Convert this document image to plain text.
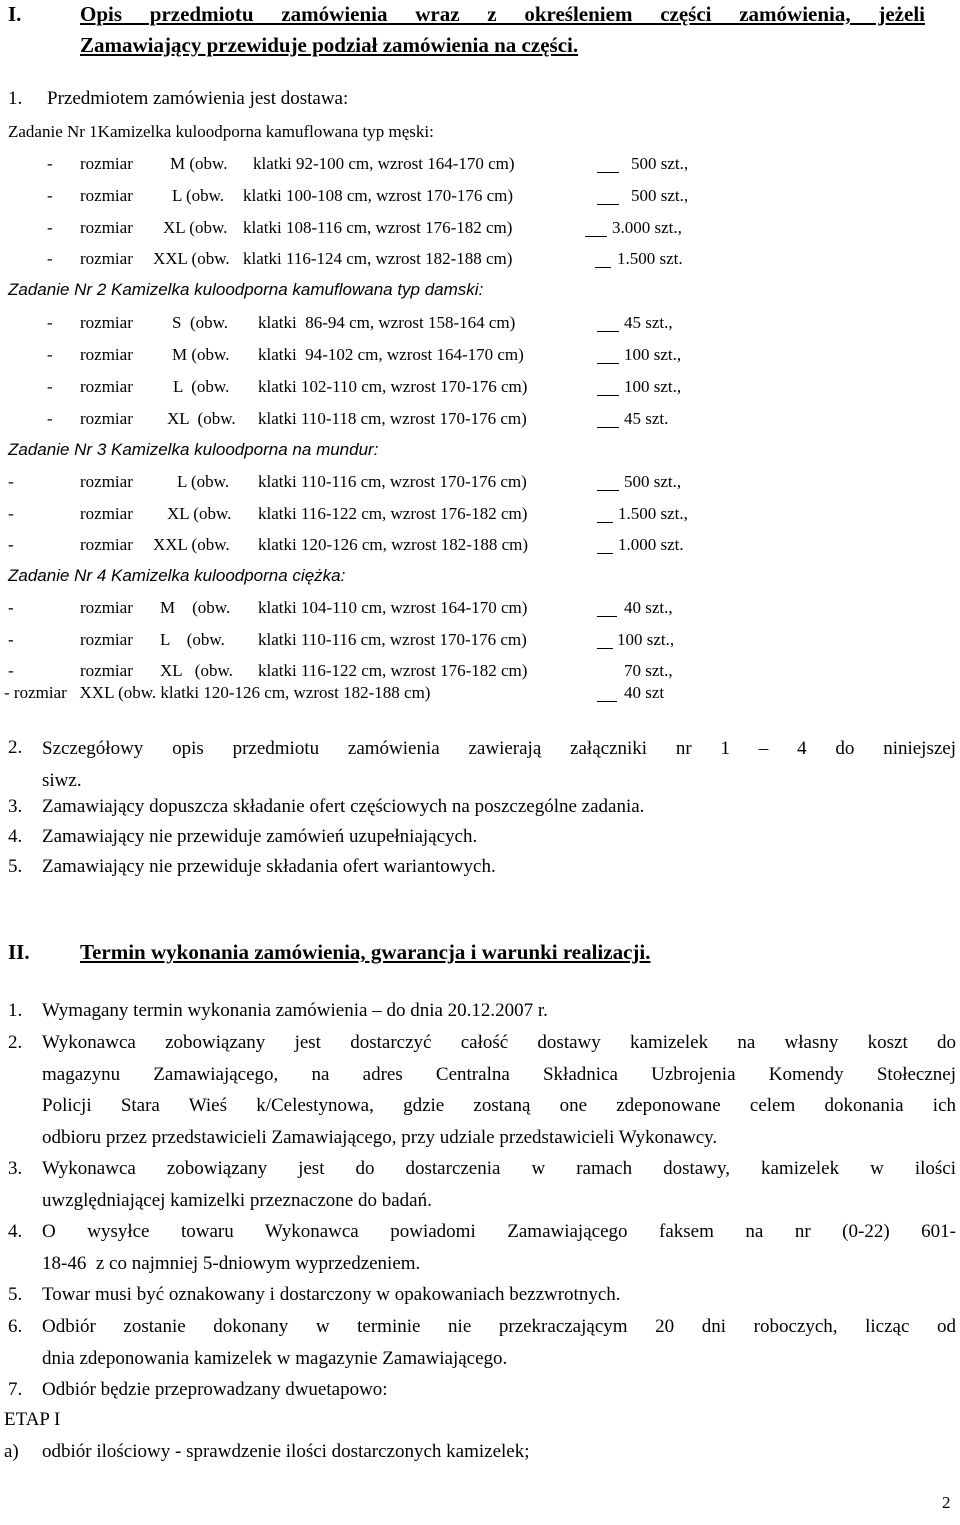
I.	Opis przedmiotu zamówienia wraz z określeniem części zamówienia, jeżeli
Zamawiający przewiduje podział zamówienia na części.
1. Przedmiotem zamówienia jest dostawa:
Zadanie Nr 1Kamizelka kuloodporna kamuflowana typ męski:
- rozmiar M (obw. klatki 92-100 cm, wzrost 164-170 cm)	500 szt.,
- rozmiar L (obw. klatki 100-108 cm, wzrost 170-176 cm)	500 szt.,
- rozmiar XL (obw. klatki 108-116 cm, wzrost 176-182 cm)	3.000 szt.,
- rozmiar XXL (obw. klatki 116-124 cm, wzrost 182-188 cm)	1.500 szt.
Zadanie Nr 2 Kamizelka kuloodporna kamuflowana typ damski:
- rozmiar S  (obw. klatki  86-94 cm, wzrost 158-164 cm)	45 szt.,
- rozmiar M (obw. klatki  94-102 cm, wzrost 164-170 cm)	100 szt.,
- rozmiar L  (obw. klatki 102-110 cm, wzrost 170-176 cm)	100 szt.,
- rozmiar XL  (obw. klatki 110-118 cm, wzrost 170-176 cm)	45 szt.
Zadanie Nr 3 Kamizelka kuloodporna na mundur:
-	rozmiar	L (obw. klatki 110-116 cm, wzrost 170-176 cm)	500 szt.,
-	rozmiar XL (obw. klatki 116-122 cm, wzrost 176-182 cm)	1.500 szt.,
-	rozmiar XXL (obw. klatki 120-126 cm, wzrost 182-188 cm)	1.000 szt.
Zadanie Nr 4 Kamizelka kuloodporna ciężka:
-	rozmiar M    (obw. klatki 104-110 cm, wzrost 164-170 cm)	40 szt.,
-	rozmiar L    (obw. klatki 110-116 cm, wzrost 170-176 cm)	100 szt.,
-	rozmiar XL   (obw. klatki 116-122 cm, wzrost 176-182 cm)	70 szt.,
- rozmiar   XXL (obw. klatki 120-126 cm, wzrost 182-188 cm)	40 szt
2. Szczegółowy opis przedmiotu zamówienia zawierają załączniki nr 1 – 4 do niniejszej
siwz.
3. Zamawiający dopuszcza składanie ofert częściowych na poszczególne zadania.
4. Zamawiający nie przewiduje zamówień uzupełniających.
5. Zamawiający nie przewiduje składania ofert wariantowych.
II. Termin wykonania zamówienia, gwarancja i warunki realizacji.
1. Wymagany termin wykonania zamówienia – do dnia 20.12.2007 r.
2. Wykonawca zobowiązany jest dostarczyć całość dostawy kamizelek na własny koszt do
magazynu Zamawiającego, na adres Centralna Składnica Uzbrojenia Komendy Stołecznej
Policji Stara Wieś k/Celestynowa, gdzie zostaną one zdeponowane celem dokonania ich
odbioru przez przedstawicieli Zamawiającego, przy udziale przedstawicieli Wykonawcy.
3. Wykonawca zobowiązany jest do dostarczenia w ramach dostawy, kamizelek w ilości
uwzględniającej kamizelki przeznaczone do badań.
4. O wysyłce towaru Wykonawca powiadomi Zamawiającego faksem na nr (0-22) 601-
18-46  z co najmniej 5-dniowym wyprzedzeniem.
5. Towar musi być oznakowany i dostarczony w opakowaniach bezzwrotnych.
6. Odbiór zostanie dokonany w terminie nie przekraczającym 20 dni roboczych, licząc od
dnia zdeponowania kamizelek w magazynie Zamawiającego.
7. Odbiór będzie przeprowadzany dwuetapowo:
ETAP I
a) odbiór ilościowy - sprawdzenie ilości dostarczonych kamizelek;
2
